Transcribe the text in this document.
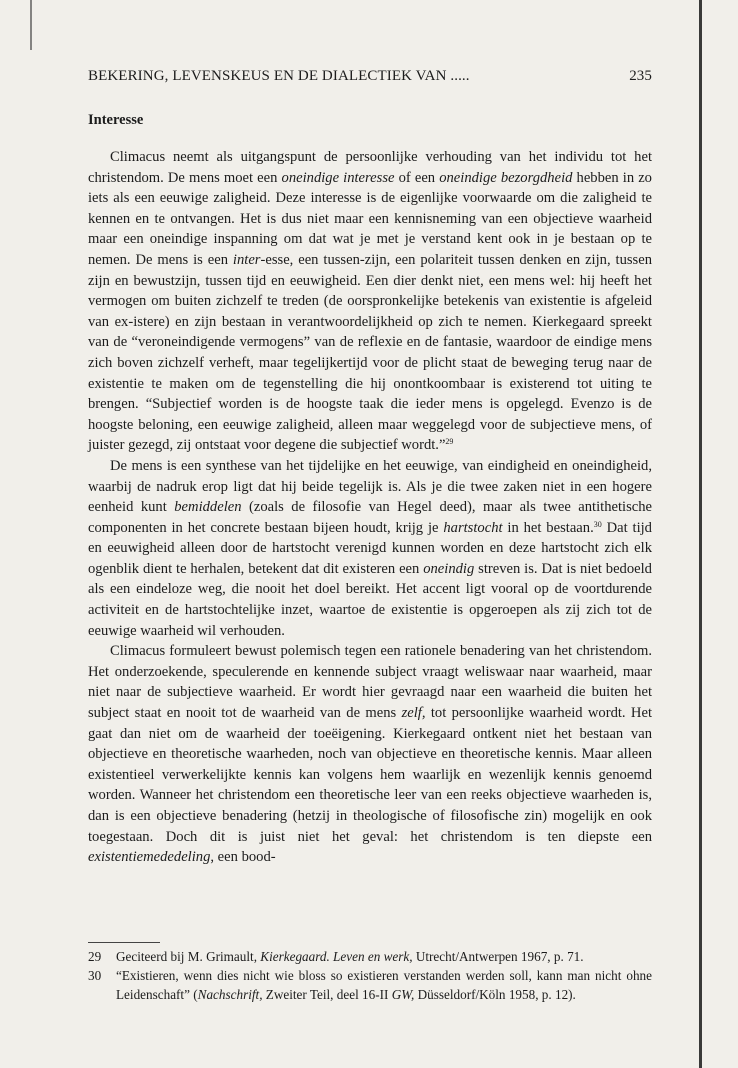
BEKERING, LEVENSKEUS EN DE DIALECTIEK VAN .....	235
Interesse

Climacus neemt als uitgangspunt de persoonlijke verhouding van het individu tot het christendom. De mens moet een oneindige interesse of een oneindige bezorgdheid hebben in zo iets als een eeuwige zaligheid. Deze interesse is de eigenlijke voorwaarde om die zaligheid te kennen en te ontvangen. Het is dus niet maar een kennisneming van een objectieve waarheid maar een oneindige inspanning om dat wat je met je verstand kent ook in je bestaan op te nemen. De mens is een inter-esse, een tussen-zijn, een polariteit tussen denken en zijn, tussen zijn en bewustzijn, tussen tijd en eeuwigheid. Een dier denkt niet, een mens wel: hij heeft het vermogen om buiten zichzelf te treden (de oorspronkelijke betekenis van existentie is afgeleid van ex-istere) en zijn bestaan in verantwoordelijkheid op zich te nemen. Kierkegaard spreekt van de “veroneindigende vermogens” van de reflexie en de fantasie, waardoor de eindige mens zich boven zichzelf verheft, maar tegelijkertijd voor de plicht staat de beweging terug naar de existentie te maken om de tegenstelling die hij onontkoombaar is existerend tot uiting te brengen. “Subjectief worden is de hoogste taak die ieder mens is opgelegd. Evenzo is de hoogste beloning, een eeuwige zaligheid, alleen maar weggelegd voor de subjectieve mens, of juister gezegd, zij ontstaat voor degene die subjectief wordt.”$^{29}$

De mens is een synthese van het tijdelijke en het eeuwige, van eindigheid en oneindigheid, waarbij de nadruk erop ligt dat hij beide tegelijk is. Als je die twee zaken niet in een hogere eenheid kunt bemiddelen (zoals de filosofie van Hegel deed), maar als twee antithetische componenten in het concrete bestaan bijeen houdt, krijg je hartstocht in het bestaan.$^{30}$ Dat tijd en eeuwigheid alleen door de hartstocht verenigd kunnen worden en deze hartstocht zich elk ogenblik dient te herhalen, betekent dat dit existeren een oneindig streven is. Dat is niet bedoeld als een eindeloze weg, die nooit het doel bereikt. Het accent ligt vooral op de voortdurende activiteit en de hartstochtelijke inzet, waartoe de existentie is opgeroepen als zij zich tot de eeuwige waarheid wil verhouden.

Climacus formuleert bewust polemisch tegen een rationele benadering van het christendom. Het onderzoekende, speculerende en kennende subject vraagt weliswaar naar waarheid, maar niet naar de subjectieve waarheid. Er wordt hier gevraagd naar een waarheid die buiten het subject staat en nooit tot de waarheid van de mens zelf, tot persoonlijke waarheid wordt. Het gaat dan niet om de waarheid der toeëigening. Kierkegaard ontkent niet het bestaan van objectieve en theoretische waarheden, noch van objectieve en theoretische kennis. Maar alleen existentieel verwerkelijkte kennis kan volgens hem waarlijk en wezenlijk kennis genoemd worden. Wanneer het christendom een theoretische leer van een reeks objectieve waarheden is, dan is een objectieve benadering (hetzij in theologische of filosofische zin) mogelijk en ook toegestaan. Doch dit is juist niet het geval: het christendom is ten diepste een existentiemededeling, een bood-

29	Geciteerd bij M. Grimault, Kierkegaard. Leven en werk, Utrecht/Antwerpen 1967, p. 71.
30	“Existieren, wenn dies nicht wie bloss so existieren verstanden werden soll, kann man nicht ohne Leidenschaft” (Nachschrift, Zweiter Teil, deel 16-II GW, Düsseldorf/Köln 1958, p. 12).
